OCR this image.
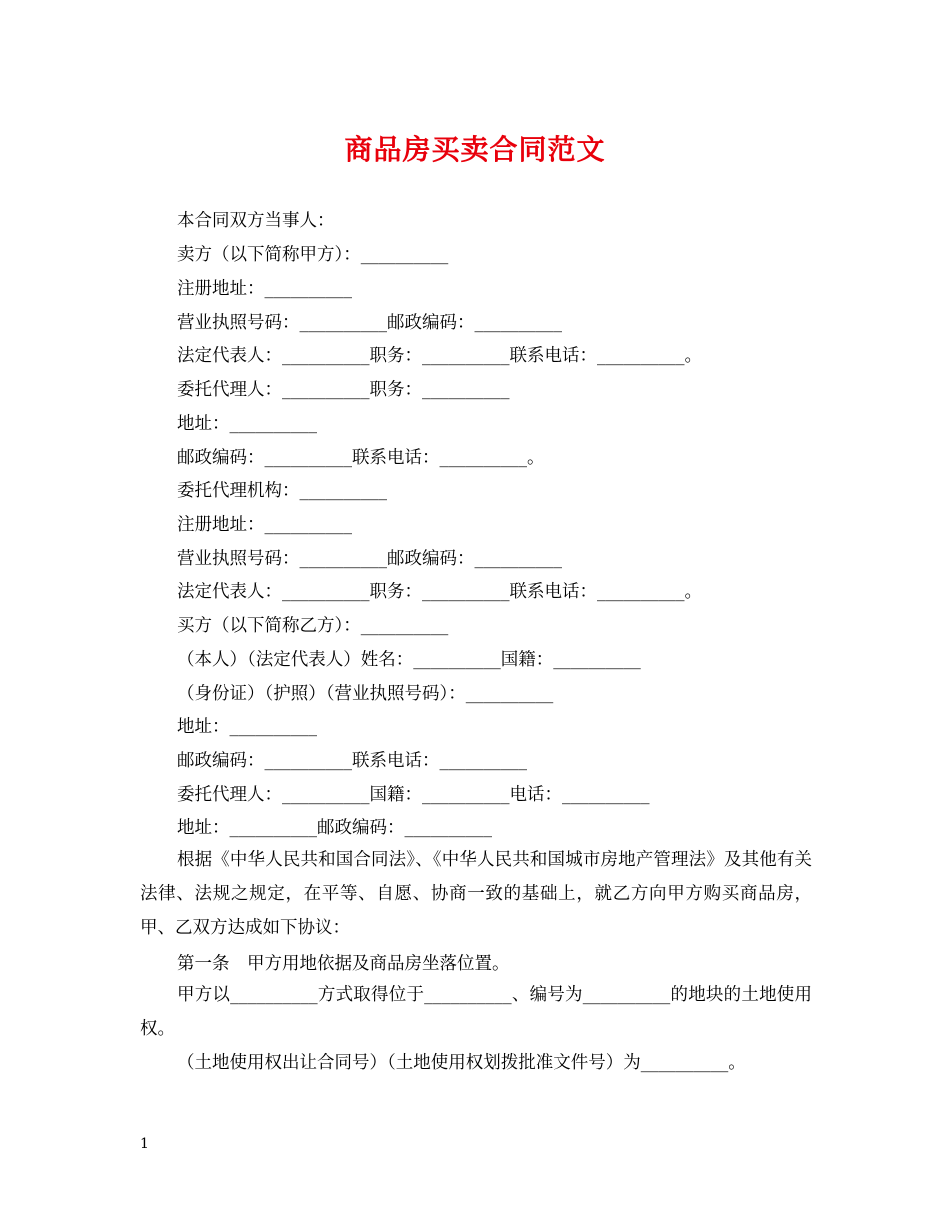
商品房买卖合同范文
本合同双方当事人：
卖方（以下简称甲方）：__________
注册地址：__________
营业执照号码：__________邮政编码：__________
法定代表人：__________职务：__________联系电话：__________。
委托代理人：__________职务：__________
地址：__________
邮政编码：__________联系电话：__________。
委托代理机构：__________
注册地址：__________
营业执照号码：__________邮政编码：__________
法定代表人：__________职务：__________联系电话：__________。
买方（以下简称乙方）：__________
（本人）（法定代表人）姓名：__________国籍：__________
（身份证）（护照）（营业执照号码）：__________
地址：__________
邮政编码：__________联系电话：__________
委托代理人：__________国籍：__________电话：__________
地址：__________邮政编码：__________
根据《中华人民共和国合同法》、《中华人民共和国城市房地产管理法》及其他有关法律、法规之规定，在平等、自愿、协商一致的基础上，就乙方向甲方购买商品房，甲、乙双方达成如下协议：
第一条　甲方用地依据及商品房坐落位置。
甲方以__________方式取得位于__________、编号为__________的地块的土地使用权。
（土地使用权出让合同号）（土地使用权划拨批准文件号）为__________。
1
